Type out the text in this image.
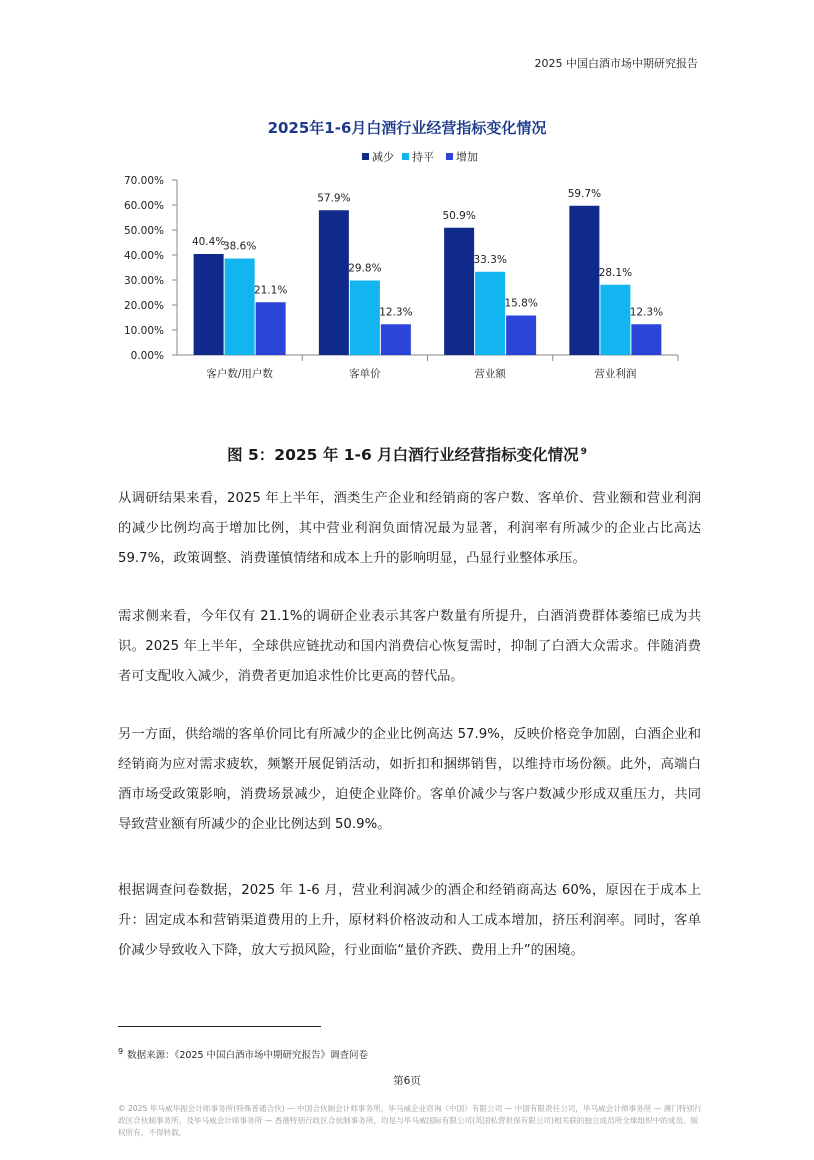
2025 中国白酒市场中期研究报告
2025年1-6月白酒行业经营指标变化情况
减少 持平 增加
70.00%
60.00%
50.00%
40.00%
30.00%
20.00%
10.00%
0.00%
40.4%
38.6%
21.1%
客户数/用户数
57.9%
29.8%
12.3%
客单价
50.9%
33.3%
15.8%
营业额
59.7%
28.1%
12.3%
营业利润
图 5：2025 年 1-6 月白酒行业经营指标变化情况 $^9$

从调研结果来看，2025 年上半年，酒类生产企业和经销商的客户数、客单价、营业额和营业利润的减少比例均高于增加比例，其中营业利润负面情况最为显著，利润率有所减少的企业占比高达 59.7%，政策调整、消费谨慎情绪和成本上升的影响明显，凸显行业整体承压。

需求侧来看，今年仅有 21.1%的调研企业表示其客户数量有所提升，白酒消费群体萎缩已成为共识。2025 年上半年，全球供应链扰动和国内消费信心恢复需时，抑制了白酒大众需求。伴随消费者可支配收入减少，消费者更加追求性价比更高的替代品。

另一方面，供给端的客单价同比有所减少的企业比例高达 57.9%，反映价格竞争加剧，白酒企业和经销商为应对需求疲软，频繁开展促销活动，如折扣和捆绑销售，以维持市场份额。此外，高端白酒市场受政策影响，消费场景减少，迫使企业降价。客单价减少与客户数减少形成双重压力，共同导致营业额有所减少的企业比例达到 50.9%。

根据调查问卷数据，2025 年 1-6 月，营业利润减少的酒企和经销商高达 60%，原因在于成本上升：固定成本和营销渠道费用的上升，原材料价格波动和人工成本增加，挤压利润率。同时，客单价减少导致收入下降，放大亏损风险，行业面临“量价齐跌、费用上升”的困境。

$^9$ 数据来源：《2025 中国白酒市场中期研究报告》调查问卷
第6页
© 2025 毕马威华振会计师事务所(特殊普通合伙) — 中国合伙制会计师事务所，毕马威企业咨询（中国）有限公司 — 中国有限责任公司，毕马威会计师事务所 — 澳门特别行政区合伙制事务所，及毕马威会计师事务所 — 香港特别行政区合伙制事务所，均是与毕马威国际有限公司(英国私营担保有限公司)相关联的独立成员所全球组织中的成员。版权所有，不得转载。
